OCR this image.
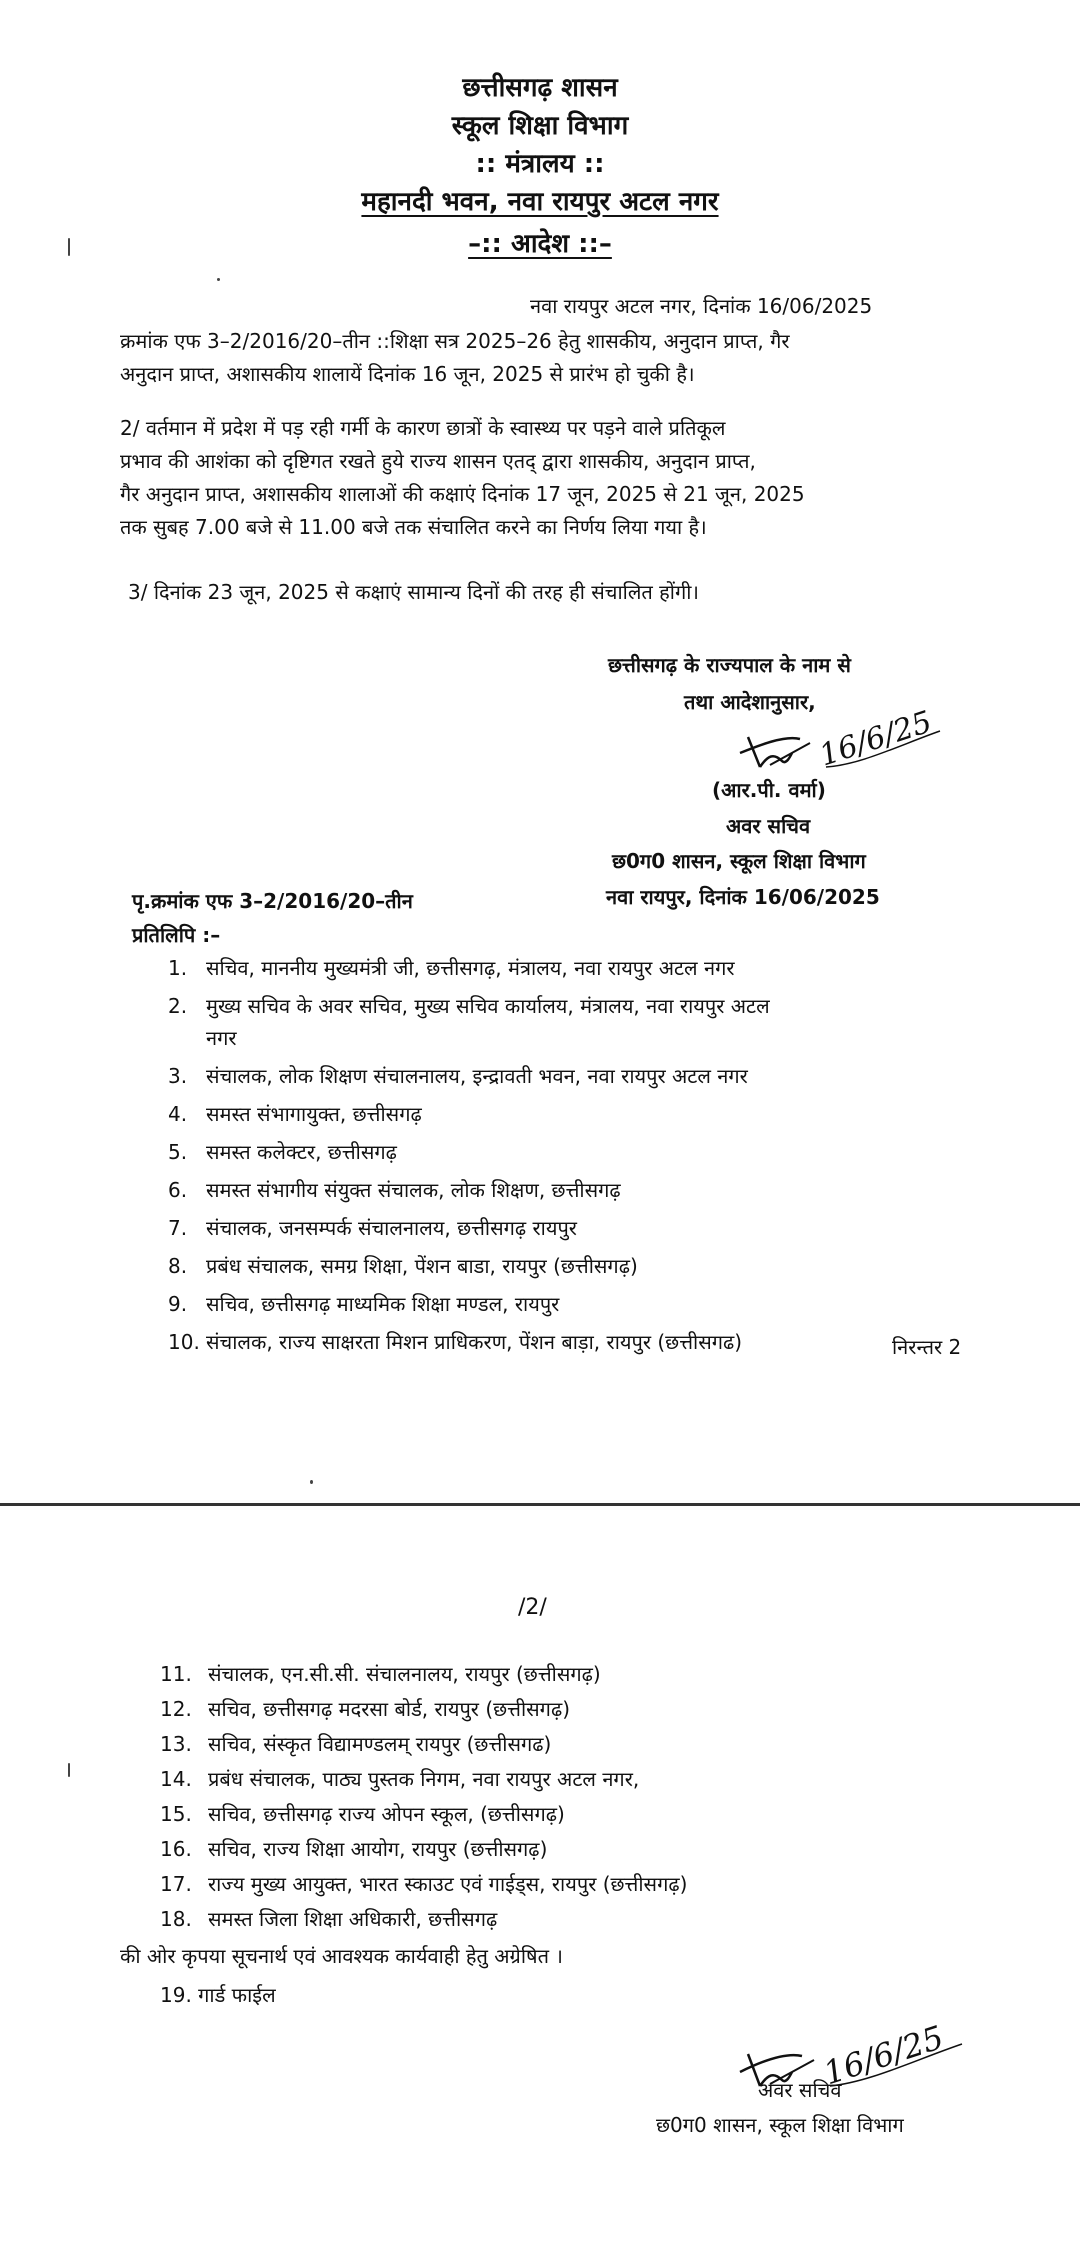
छत्तीसगढ़ शासन
स्कूल शिक्षा विभाग
:: मंत्रालय ::
महानदी भवन, नवा रायपुर अटल नगर
–:: आदेश ::–
नवा रायपुर अटल नगर, दिनांक 16/06/2025
क्रमांक एफ 3–2/2016/20–तीन ::शिक्षा सत्र 2025–26 हेतु शासकीय, अनुदान प्राप्त, गैर
अनुदान प्राप्त, अशासकीय शालायें दिनांक 16 जून, 2025 से प्रारंभ हो चुकी है।
2/ वर्तमान में प्रदेश में पड़ रही गर्मी के कारण छात्रों के स्वास्थ्य पर पड़ने वाले प्रतिकूल
प्रभाव की आशंका को दृष्टिगत रखते हुये राज्य शासन एतद् द्वारा शासकीय, अनुदान प्राप्त,
गैर अनुदान प्राप्त, अशासकीय शालाओं की कक्षाएं दिनांक 17 जून, 2025 से 21 जून, 2025
तक सुबह 7.00 बजे से 11.00 बजे तक संचालित करने का निर्णय लिया गया है।
3/ दिनांक 23 जून, 2025 से कक्षाएं सामान्य दिनों की तरह ही संचालित होंगी।
छत्तीसगढ़ के राज्यपाल के नाम से
तथा आदेशानुसार,
16/6/25
(आर.पी. वर्मा)
अवर सचिव
छ0ग0 शासन, स्कूल शिक्षा विभाग
पृ.क्रमांक एफ 3–2/2016/20–तीन	नवा रायपुर, दिनांक 16/06/2025
प्रतिलिपि :–
1. सचिव, माननीय मुख्यमंत्री जी, छत्तीसगढ़, मंत्रालय, नवा रायपुर अटल नगर
2. मुख्य सचिव के अवर सचिव, मुख्य सचिव कार्यालय, मंत्रालय, नवा रायपुर अटल
नगर
3. संचालक, लोक शिक्षण संचालनालय, इन्द्रावती भवन, नवा रायपुर अटल नगर
4. समस्त संभागायुक्त, छत्तीसगढ़
5. समस्त कलेक्टर, छत्तीसगढ़
6. समस्त संभागीय संयुक्त संचालक, लोक शिक्षण, छत्तीसगढ़
7. संचालक, जनसम्पर्क संचालनालय, छत्तीसगढ़ रायपुर
8. प्रबंध संचालक, समग्र शिक्षा, पेंशन बाडा, रायपुर (छत्तीसगढ़)
9. सचिव, छत्तीसगढ़ माध्यमिक शिक्षा मण्डल, रायपुर
10. संचालक, राज्य साक्षरता मिशन प्राधिकरण, पेंशन बाड़ा, रायपुर (छत्तीसगढ)	निरन्तर 2
/2/
11. संचालक, एन.सी.सी. संचालनालय, रायपुर (छत्तीसगढ़)
12. सचिव, छत्तीसगढ़ मदरसा बोर्ड, रायपुर (छत्तीसगढ़)
13. सचिव, संस्कृत विद्यामण्डलम् रायपुर (छत्तीसगढ)
14. प्रबंध संचालक, पाठ्य पुस्तक निगम, नवा रायपुर अटल नगर,
15. सचिव, छत्तीसगढ़ राज्य ओपन स्कूल, (छत्तीसगढ़)
16. सचिव, राज्य शिक्षा आयोग, रायपुर (छत्तीसगढ़)
17. राज्य मुख्य आयुक्त, भारत स्काउट एवं गाईड्स, रायपुर (छत्तीसगढ़)
18. समस्त जिला शिक्षा अधिकारी, छत्तीसगढ़
की ओर कृपया सूचनार्थ एवं आवश्यक कार्यवाही हेतु अग्रेषित ।
19. गार्ड फाईल
16/6/25
अवर सचिव
छ0ग0 शासन, स्कूल शिक्षा विभाग
